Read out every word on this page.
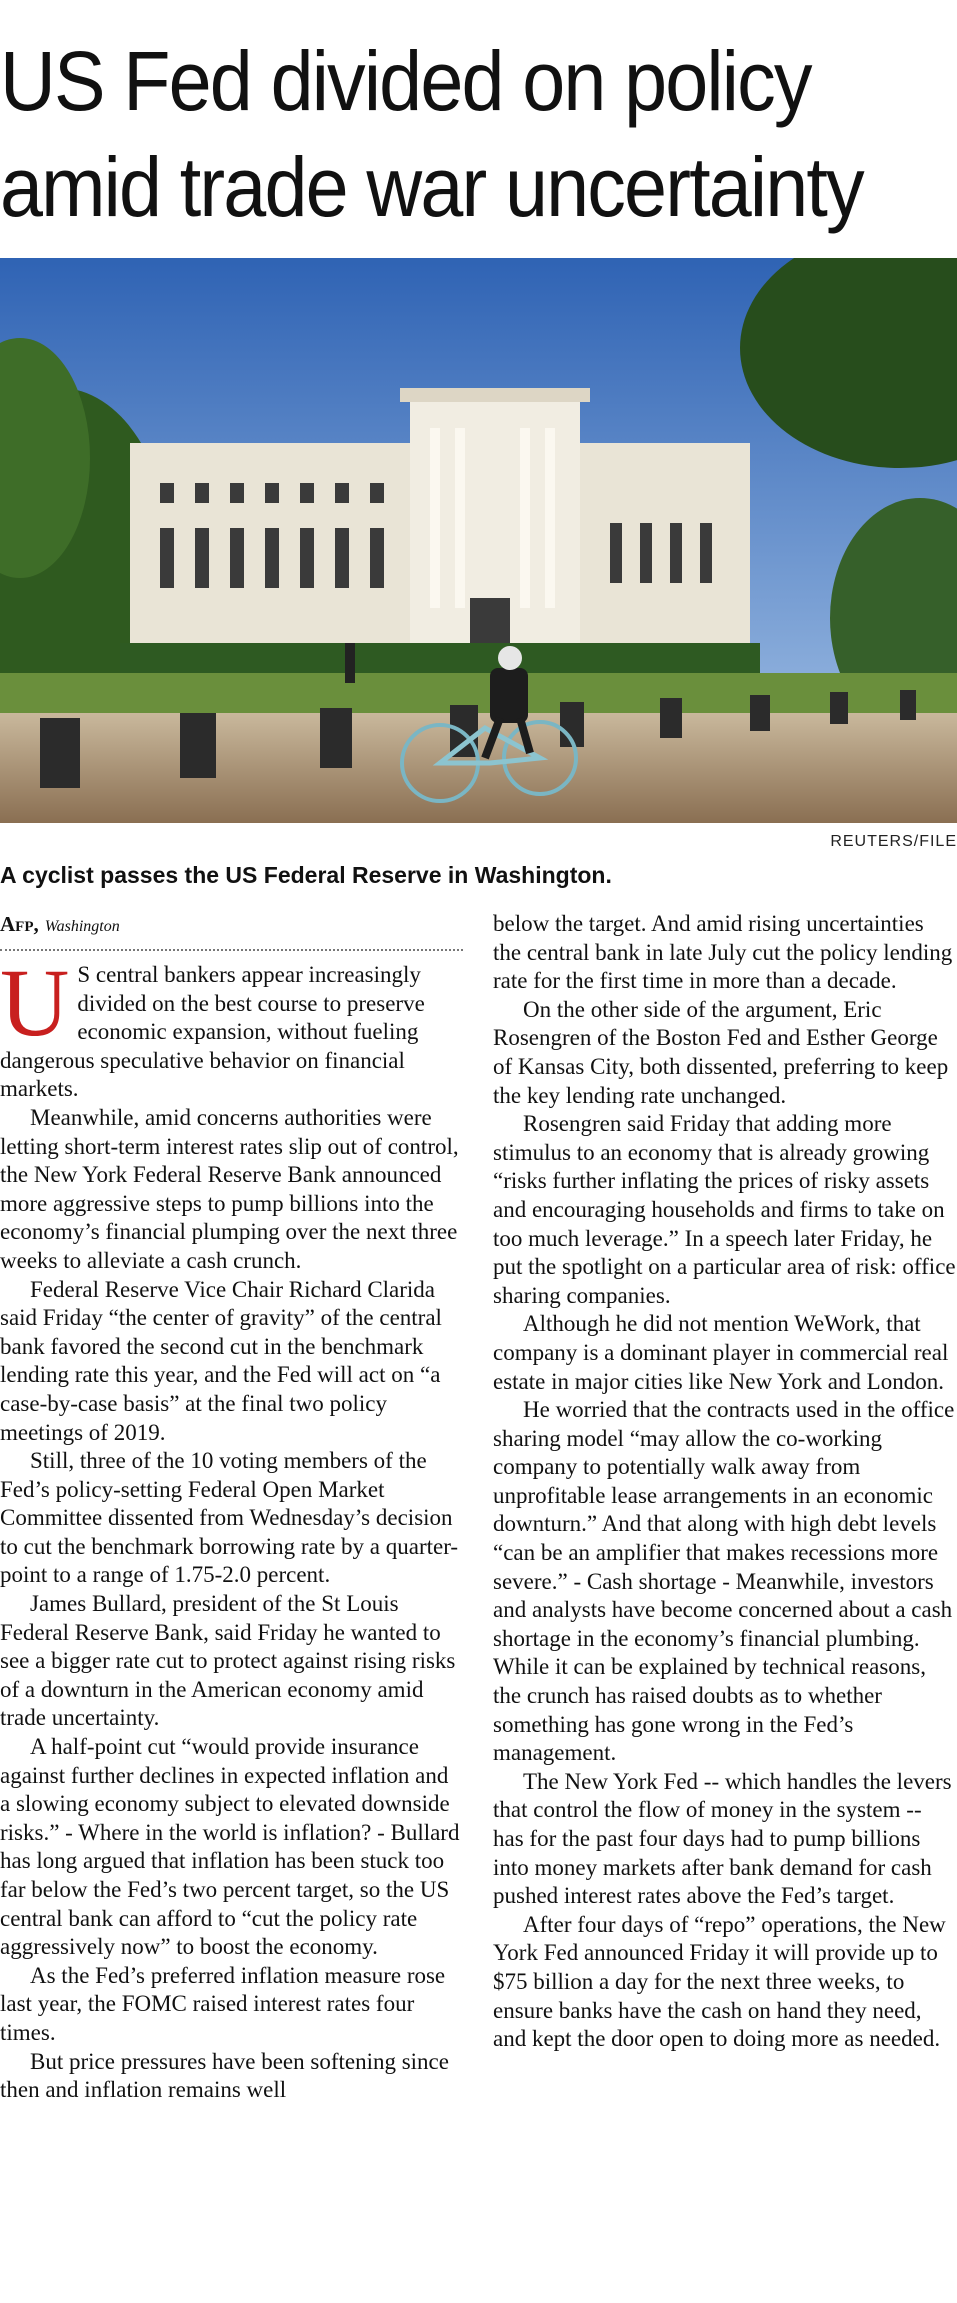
US Fed divided on policy amid trade war uncertainty
REUTERS/FILE
A cyclist passes the US Federal Reserve in Washington.
Afp, Washington

U S central bankers appear increasingly divided on the best course to preserve economic expansion, without fueling dangerous speculative behavior on financial markets.

Meanwhile, amid concerns authorities were letting short-term interest rates slip out of control, the New York Federal Reserve Bank announced more aggressive steps to pump billions into the economy’s financial plumping over the next three weeks to alleviate a cash crunch.

Federal Reserve Vice Chair Richard Clarida said Friday “the center of gravity” of the central bank favored the second cut in the benchmark lending rate this year, and the Fed will act on “a case-by-case basis” at the final two policy meetings of 2019.

Still, three of the 10 voting members of the Fed’s policy-setting Federal Open Market Committee dissented from Wednesday’s decision to cut the benchmark borrowing rate by a quarter-point to a range of 1.75-2.0 percent.

James Bullard, president of the St Louis Federal Reserve Bank, said Friday he wanted to see a bigger rate cut to protect against rising risks of a downturn in the American economy amid trade uncertainty.

A half-point cut “would provide insurance against further declines in expected inflation and a slowing economy subject to elevated downside risks.” - Where in the world is inflation? - Bullard has long argued that inflation has been stuck too far below the Fed’s two percent target, so the US central bank can afford to “cut the policy rate aggressively now” to boost the economy.

As the Fed’s preferred inflation measure rose last year, the FOMC raised interest rates four times.

But price pressures have been softening since then and inflation remains well

below the target. And amid rising uncertainties the central bank in late July cut the policy lending rate for the first time in more than a decade.

On the other side of the argument, Eric Rosengren of the Boston Fed and Esther George of Kansas City, both dissented, preferring to keep the key lending rate unchanged.

Rosengren said Friday that adding more stimulus to an economy that is already growing “risks further inflating the prices of risky assets and encouraging households and firms to take on too much leverage.” In a speech later Friday, he put the spotlight on a particular area of risk: office sharing companies.

Although he did not mention WeWork, that company is a dominant player in commercial real estate in major cities like New York and London.

He worried that the contracts used in the office sharing model “may allow the co-working company to potentially walk away from unprofitable lease arrangements in an economic downturn.” And that along with high debt levels “can be an amplifier that makes recessions more severe.” - Cash shortage - Meanwhile, investors and analysts have become concerned about a cash shortage in the economy’s financial plumbing. While it can be explained by technical reasons, the crunch has raised doubts as to whether something has gone wrong in the Fed’s management.

The New York Fed -- which handles the levers that control the flow of money in the system -- has for the past four days had to pump billions into money markets after bank demand for cash pushed interest rates above the Fed’s target.

After four days of “repo” operations, the New York Fed announced Friday it will provide up to $75 billion a day for the next three weeks, to ensure banks have the cash on hand they need, and kept the door open to doing more as needed.
